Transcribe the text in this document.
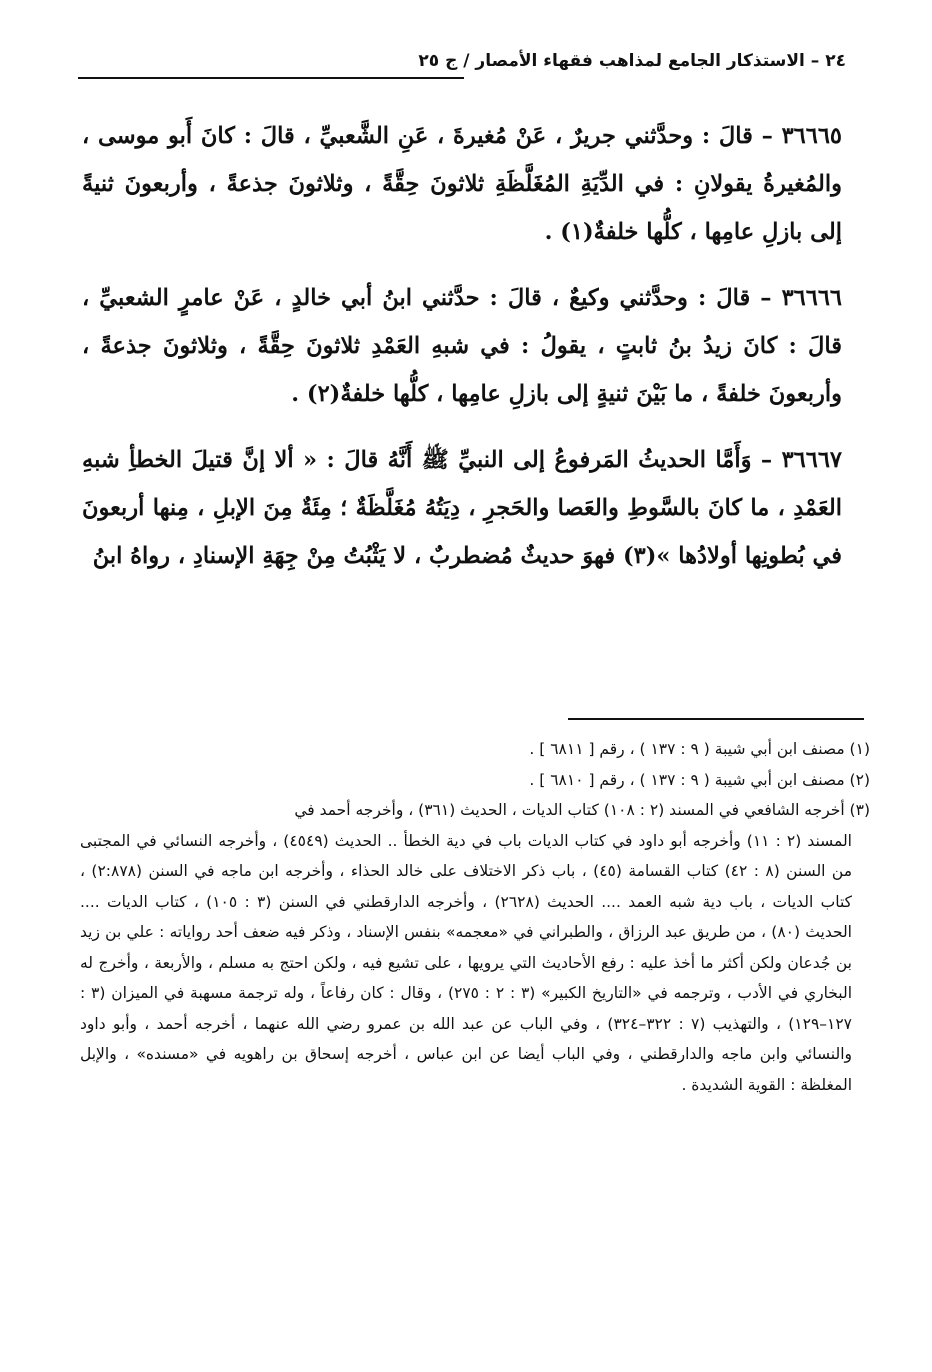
٢٤ – الاستذكار الجامع لمذاهب فقهاء الأمصار / ج ٢٥

٣٦٦٦٥ – قالَ : وحدَّثني جريرٌ ، عَنْ مُغيرةَ ، عَنِ الشَّعبيِّ ، قالَ : كانَ أَبو موسى ، والمُغيرةُ يقولانِ : في الدِّيَةِ المُغَلَّظَةِ ثلاثونَ حِقَّةً ، وثلاثونَ جذعةً ، وأربعونَ ثنيةً إلى بازلِ عامِها ، كلُّها خلفةٌ(١) .

٣٦٦٦٦ – قالَ : وحدَّثني وكيعٌ ، قالَ : حدَّثني ابنُ أبي خالدٍ ، عَنْ عامرٍ الشعبيِّ ، قالَ : كانَ زيدُ بنُ ثابتٍ ، يقولُ : في شبهِ العَمْدِ ثلاثونَ حِقَّةً ، وثلاثونَ جذعةً ، وأربعونَ خلفةً ، ما بَيْنَ ثنيةٍ إلى بازلِ عامِها ، كلُّها خلفةٌ(٢) .

٣٦٦٦٧ – وَأَمَّا الحديثُ المَرفوعُ إلى النبيِّ ﷺ أَنَّهُ قالَ : « ألا إنَّ قتيلَ الخطأِ شبهِ العَمْدِ ، ما كانَ بالسَّوطِ والعَصا والحَجرِ ، دِيَتُهُ مُغَلَّظَةٌ ؛ مِئَةٌ مِنَ الإبلِ ، مِنها أربعونَ في بُطونِها أولادُها »(٣) فهوَ حديثٌ مُضطربٌ ، لا يَثْبُتُ مِنْ جِهَةِ الإسنادِ ، رواهُ ابنُ

(١) مصنف ابن أبي شيبة ( ٩ : ١٣٧ ) ، رقم [ ٦٨١١ ] .

(٢) مصنف ابن أبي شيبة ( ٩ : ١٣٧ ) ، رقم [ ٦٨١٠ ] .

(٣) أخرجه الشافعي في المسند (٢ : ١٠٨) كتاب الديات ، الحديث (٣٦١) ، وأخرجه أحمد في
المسند (٢ : ١١) وأخرجه أبو داود في كتاب الديات باب في دية الخطأ .. الحديث (٤٥٤٩) ، وأخرجه النسائي في المجتبى من السنن (٨ : ٤٢) كتاب القسامة (٤٥) ، باب ذكر الاختلاف على خالد الحذاء ، وأخرجه ابن ماجه في السنن (٢:٨٧٨) ، كتاب الديات ، باب دية شبه العمد .... الحديث (٢٦٢٨) ، وأخرجه الدارقطني في السنن (٣ : ١٠٥) ، كتاب الديات .... الحديث (٨٠) ، من طريق عبد الرزاق ، والطبراني في «معجمه» بنفس الإسناد ، وذكر فيه ضعف أحد رواياته : علي بن زيد بن جُدعان ولكن أكثر ما أخذ عليه : رفع الأحاديث التي يرويها ، على تشيع فيه ، ولكن احتج به مسلم ، والأربعة ، وأخرج له البخاري في الأدب ، وترجمه في «التاريخ الكبير» (٣ : ٢ : ٢٧٥) ، وقال : كان رفاعاً ، وله ترجمة مسهبة في الميزان (٣ : ١٢٧–١٢٩) ، والتهذيب (٧ : ٣٢٢–٣٢٤) ، وفي الباب عن عبد الله بن عمرو رضي الله عنهما ، أخرجه أحمد ، وأبو داود والنسائي وابن ماجه والدارقطني ، وفي الباب أيضا عن ابن عباس ، أخرجه إسحاق بن راهويه في «مسنده» ، والإبل المغلظة : القوية الشديدة .
